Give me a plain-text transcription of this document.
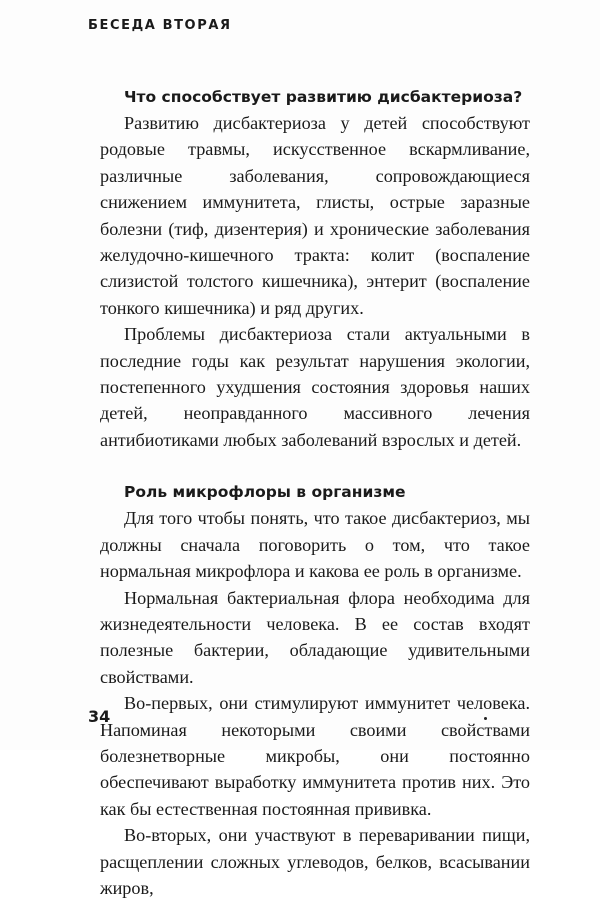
БЕСЕДА ВТОРАЯ
Что способствует развитию дисбактериоза?

Развитию дисбактериоза у детей способствуют родовые травмы, искусственное вскармливание, различные заболевания, сопровождающиеся снижением иммунитета, глисты, острые заразные болезни (тиф, дизентерия) и хронические заболевания желудочно-кишечного тракта: колит (воспаление слизистой толстого кишечника), энтерит (воспаление тонкого кишечника) и ряд других.

Проблемы дисбактериоза стали актуальными в последние годы как результат нарушения экологии, постепенного ухудшения состояния здоровья наших детей, неоправданного массивного лечения антибиотиками любых заболеваний взрослых и детей.

Роль микрофлоры в организме

Для того чтобы понять, что такое дисбактериоз, мы должны сначала поговорить о том, что такое нормальная микрофлора и какова ее роль в организме.

Нормальная бактериальная флора необходима для жизнедеятельности человека. В ее состав входят полезные бактерии, обладающие удивительными свойствами.

Во-первых, они стимулируют иммунитет человека. Напоминая некоторыми своими свойствами болезнетворные микробы, они постоянно обеспечивают выработку иммунитета против них. Это как бы естественная постоянная прививка.

Во-вторых, они участвуют в переваривании пищи, расщеплении сложных углеводов, белков, всасывании жиров,

34
